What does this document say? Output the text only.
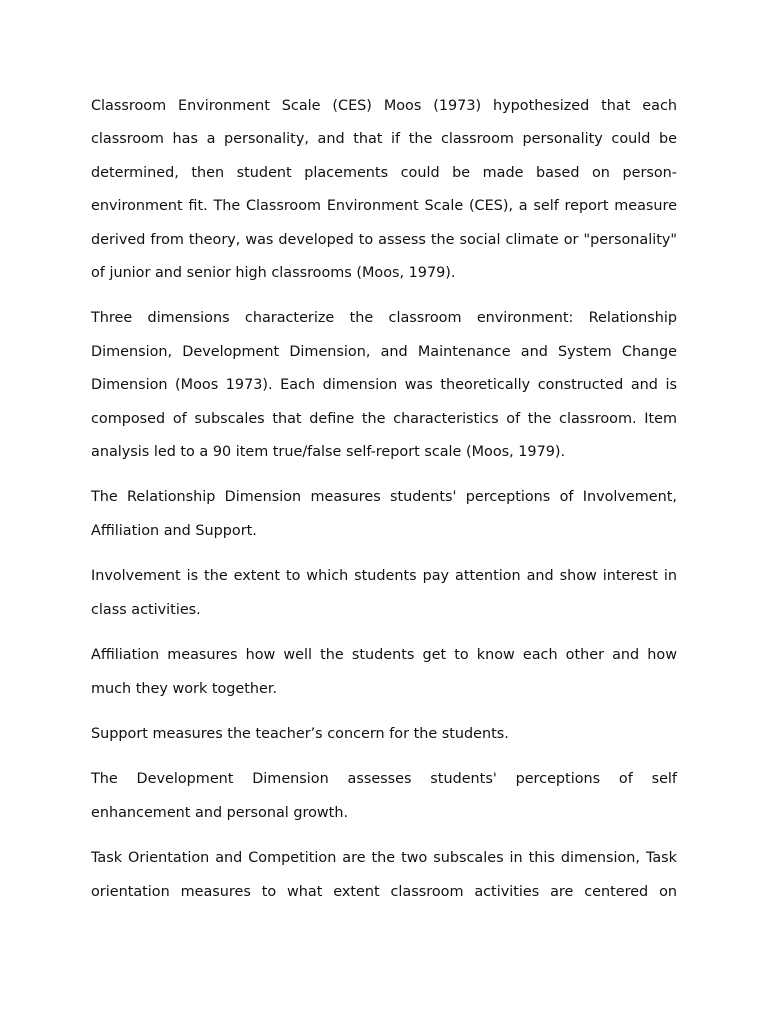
Classroom Environment Scale (CES) Moos (1973) hypothesized that each classroom has a personality, and that if the classroom personality could be determined, then student placements could be made based on person-environment fit. The Classroom Environment Scale (CES), a self report measure derived from theory, was developed to assess the social climate or "personality" of junior and senior high classrooms (Moos, 1979).

Three dimensions characterize the classroom environment: Relationship Dimension, Development Dimension, and Maintenance and System Change Dimension (Moos 1973). Each dimension was theoretically constructed and is composed of subscales that define the characteristics of the classroom. Item analysis led to a 90 item true/false self-report scale (Moos, 1979).

The Relationship Dimension measures students' perceptions of Involvement, Affiliation and Support.

Involvement is the extent to which students pay attention and show interest in class activities.

Affiliation measures how well the students get to know each other and how much they work together.

Support measures the teacher’s concern for the students.

The Development Dimension assesses students' perceptions of self enhancement and personal growth.

Task Orientation and Competition are the two subscales in this dimension, Task orientation measures to what extent classroom activities are centered on
